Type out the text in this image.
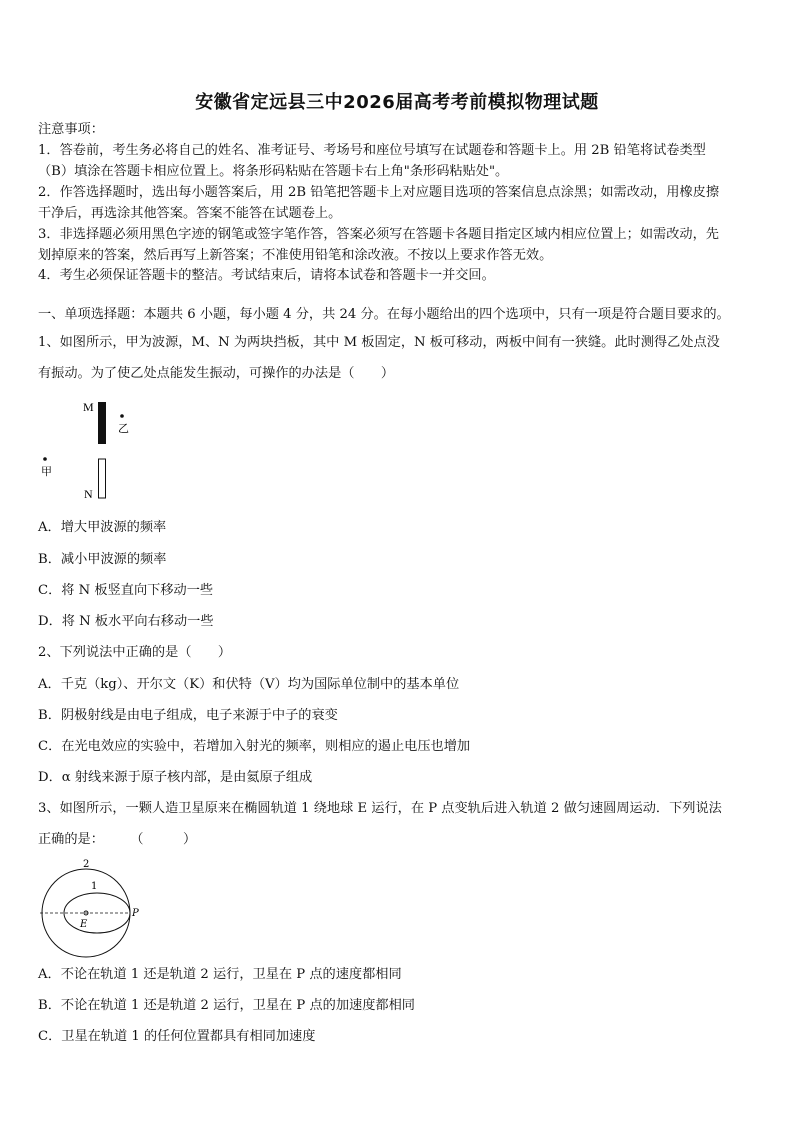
安徽省定远县三中2026届高考考前模拟物理试题
注意事项：
1．答卷前，考生务必将自己的姓名、准考证号、考场号和座位号填写在试题卷和答题卡上。用 2B 铅笔将试卷类型
（B）填涂在答题卡相应位置上。将条形码粘贴在答题卡右上角"条形码粘贴处"。
2．作答选择题时，选出每小题答案后，用 2B 铅笔把答题卡上对应题目选项的答案信息点涂黑；如需改动，用橡皮擦
干净后，再选涂其他答案。答案不能答在试题卷上。
3．非选择题必须用黑色字迹的钢笔或签字笔作答，答案必须写在答题卡各题目指定区域内相应位置上；如需改动，先
划掉原来的答案，然后再写上新答案；不准使用铅笔和涂改液。不按以上要求作答无效。
4．考生必须保证答题卡的整洁。考试结束后，请将本试卷和答题卡一并交回。
一、单项选择题：本题共 6 小题，每小题 4 分，共 24 分。在每小题给出的四个选项中，只有一项是符合题目要求的。
1、如图所示，甲为波源，M、N 为两块挡板，其中 M 板固定，N 板可移动，两板中间有一狭缝。此时测得乙处点没
有振动。为了使乙处点能发生振动，可操作的办法是（　　）
M
乙
甲
N
A．增大甲波源的频率
B．减小甲波源的频率
C．将 N 板竖直向下移动一些
D．将 N 板水平向右移动一些
2、下列说法中正确的是（　　）
A．千克（kg）、开尔文（K）和伏特（V）均为国际单位制中的基本单位
B．阴极射线是由电子组成，电子来源于中子的衰变
C．在光电效应的实验中，若增加入射光的频率，则相应的遏止电压也增加
D．α 射线来源于原子核内部，是由氦原子组成
3、如图所示，一颗人造卫星原来在椭圆轨道 1 绕地球 E 运行，在 P 点变轨后进入轨道 2 做匀速圆周运动．下列说法
正确的是：　　　（　　　）
2
1
E
P
A．不论在轨道 1 还是轨道 2 运行，卫星在 P 点的速度都相同
B．不论在轨道 1 还是轨道 2 运行，卫星在 P 点的加速度都相同
C．卫星在轨道 1 的任何位置都具有相同加速度
